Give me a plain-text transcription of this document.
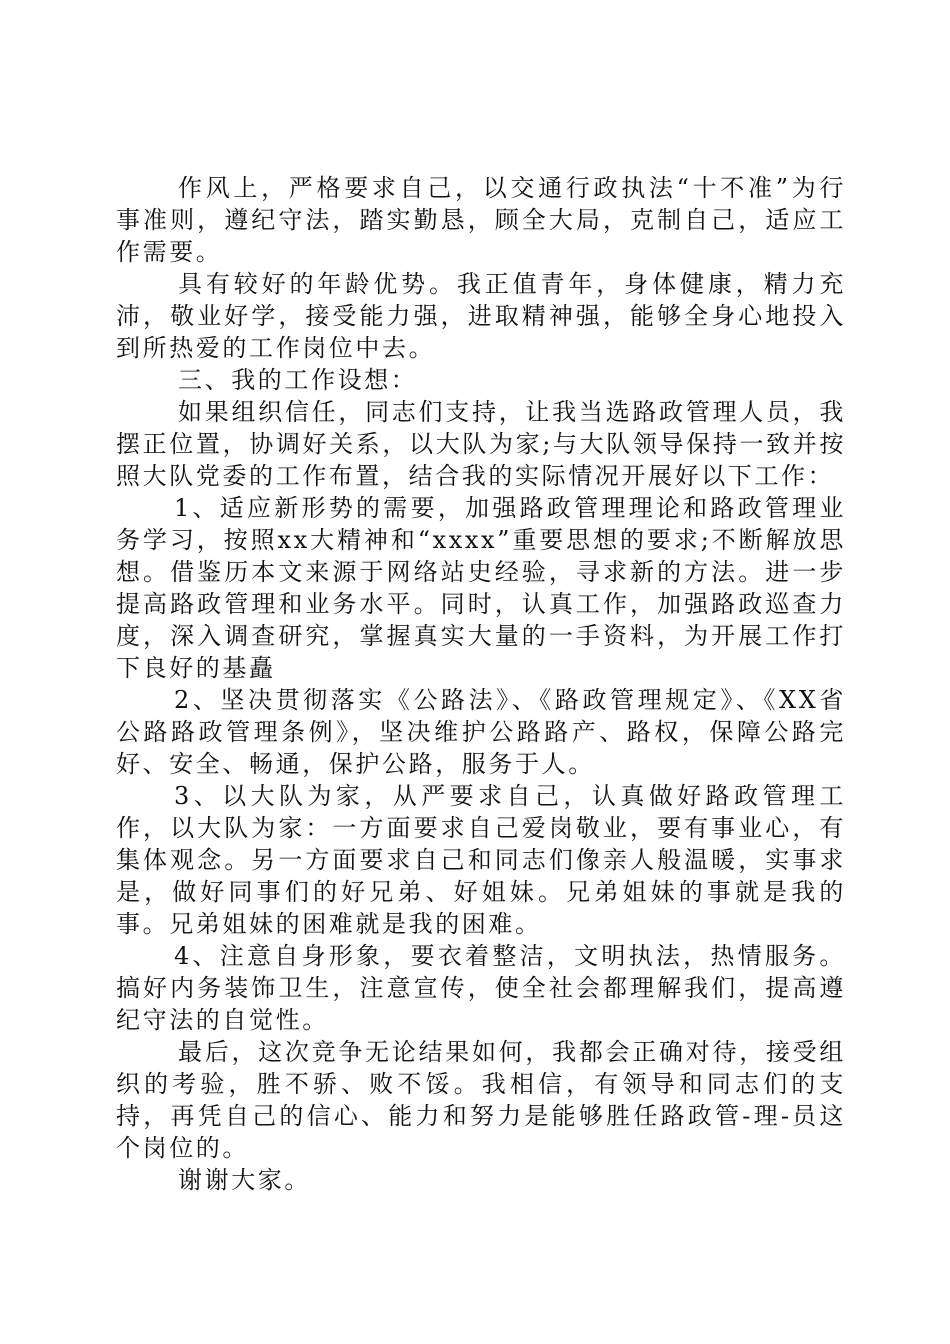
作风上，严格要求自己，以交通行政执法“十不准”为行事准则，遵纪守法，踏实勤恳，顾全大局，克制自己，适应工作需要。

具有较好的年龄优势。我正值青年，身体健康，精力充沛，敬业好学，接受能力强，进取精神强，能够全身心地投入到所热爱的工作岗位中去。

三、我的工作设想：

如果组织信任，同志们支持，让我当选路政管理人员，我摆正位置，协调好关系，以大队为家;与大队领导保持一致并按照大队党委的工作布置，结合我的实际情况开展好以下工作：

1、适应新形势的需要，加强路政管理理论和路政管理业务学习，按照xx大精神和“xxxx”重要思想的要求;不断解放思想。借鉴历本文来源于网络站史经验，寻求新的方法。进一步提高路政管理和业务水平。同时，认真工作，加强路政巡查力度，深入调查研究，掌握真实大量的一手资料，为开展工作打下良好的基矗

2、坚决贯彻落实《公路法》、《路政管理规定》、《XX省公路路政管理条例》，坚决维护公路路产、路权，保障公路完好、安全、畅通，保护公路，服务于人。

3、以大队为家，从严要求自己，认真做好路政管理工作，以大队为家：一方面要求自己爱岗敬业，要有事业心，有集体观念。另一方面要求自己和同志们像亲人般温暖，实事求是，做好同事们的好兄弟、好姐妹。兄弟姐妹的事就是我的事。兄弟姐妹的困难就是我的困难。

4、注意自身形象，要衣着整洁，文明执法，热情服务。搞好内务装饰卫生，注意宣传，使全社会都理解我们，提高遵纪守法的自觉性。

最后，这次竞争无论结果如何，我都会正确对待，接受组织的考验，胜不骄、败不馁。我相信，有领导和同志们的支持，再凭自己的信心、能力和努力是能够胜任路政管-理-员这个岗位的。

谢谢大家。
